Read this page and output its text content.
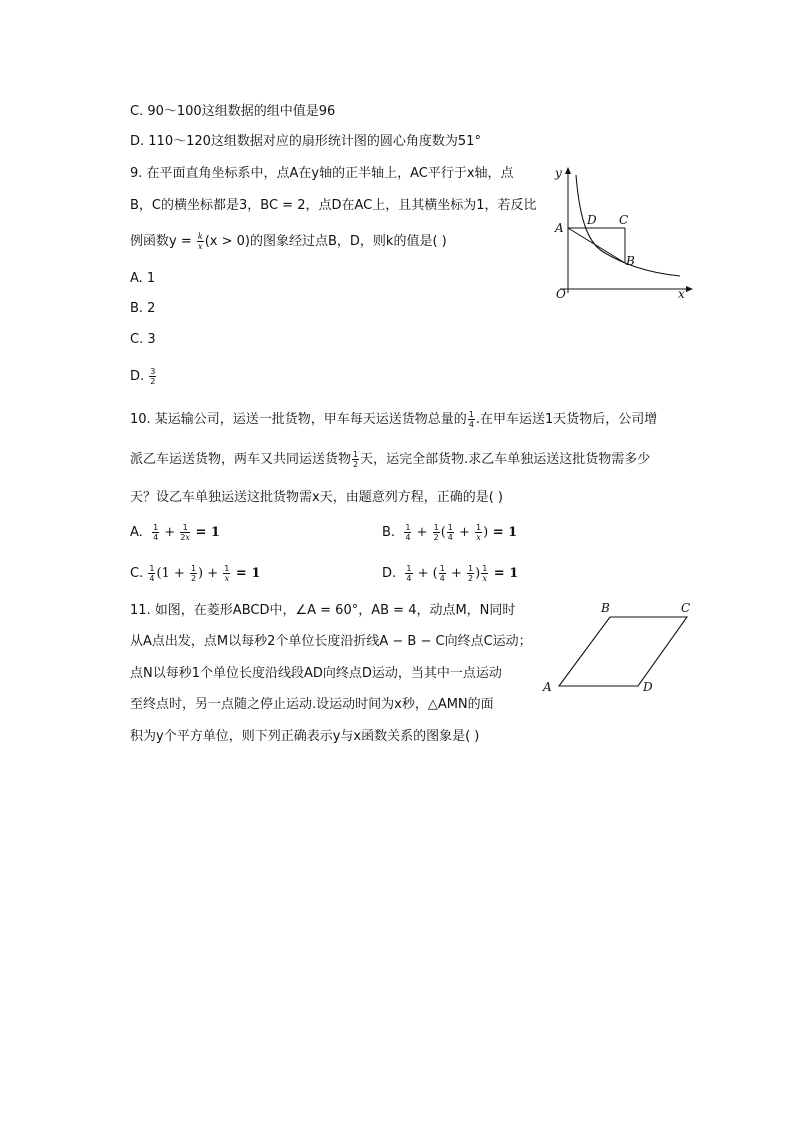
C. 90～100这组数据的组中值是96
D. 110～120这组数据对应的扇形统计图的圆心角度数为51°
9. 在平面直角坐标系中，点A在y轴的正半轴上，AC平行于x轴，点
B，C的横坐标都是3，BC = 2，点D在AC上，且其横坐标为1，若反比
例函数$y = \frac{k}{x} (x > 0)$的图象经过点B，D，则k的值是( )
A. 1
B. 2
C. 3
D. $\frac{3}{2}$
y
A
D C
B
O	x
10. 某运输公司，运送一批货物，甲车每天运送货物总量的 $\frac{1}{4}$ .在甲车运送1天货物后，公司增
派乙车运送货物，两车又共同运送货物 $\frac{1}{2}$ 天，运完全部货物.求乙车单独运送这批货物需多少
天？设乙车单独运送这批货物需x天，由题意列方程，正确的是( )
A. $\frac{1}{4} + \frac{1}{2x} = 1$	B. $\frac{1}{4} + \frac{1}{2}$ ( $\frac{1}{4} + \frac{1}{x}$ ) = 1
C. $\frac{1}{4} (1 + \frac{1}{2}$ ) + $\frac{1}{x} = 1$	D. $\frac{1}{4}$ + ( $\frac{1}{4} + \frac{1}{2}$ ) $\frac{1}{x} = 1$
11. 如图，在菱形ABCD中，∠A = 60°，AB = 4，动点M，N同时
从A点出发，点M以每秒2个单位长度沿折线A − B − C向终点C运动；
点N以每秒1个单位长度沿线段AD向终点D运动，当其中一点运动
至终点时，另一点随之停止运动.设运动时间为x秒，△AMN的面
积为y个平方单位，则下列正确表示y与x函数关系的图象是( )
A
B	C
D
